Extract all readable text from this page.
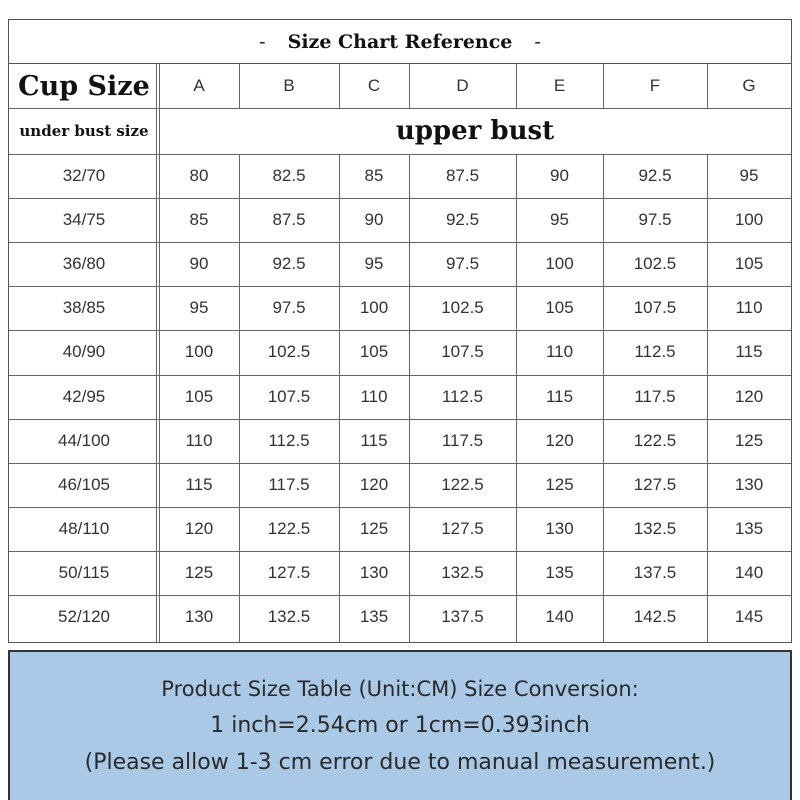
- Size Chart Reference -
Cup Size	A	B	C	D	E	F	G
under bust size	upper bust
32/70	80	82.5	85	87.5	90	92.5	95
34/75	85	87.5	90	92.5	95	97.5	100
36/80	90	92.5	95	97.5	100	102.5	105
38/85	95	97.5	100	102.5	105	107.5	110
40/90	100	102.5	105	107.5	110	112.5	115
42/95	105	107.5	110	112.5	115	117.5	120
44/100	110	112.5	115	117.5	120	122.5	125
46/105	115	117.5	120	122.5	125	127.5	130
48/110	120	122.5	125	127.5	130	132.5	135
50/115	125	127.5	130	132.5	135	137.5	140
52/120	130	132.5	135	137.5	140	142.5	145
Product Size Table (Unit:CM) Size Conversion:
1 inch=2.54cm or 1cm=0.393inch
(Please allow 1-3 cm error due to manual measurement.)
